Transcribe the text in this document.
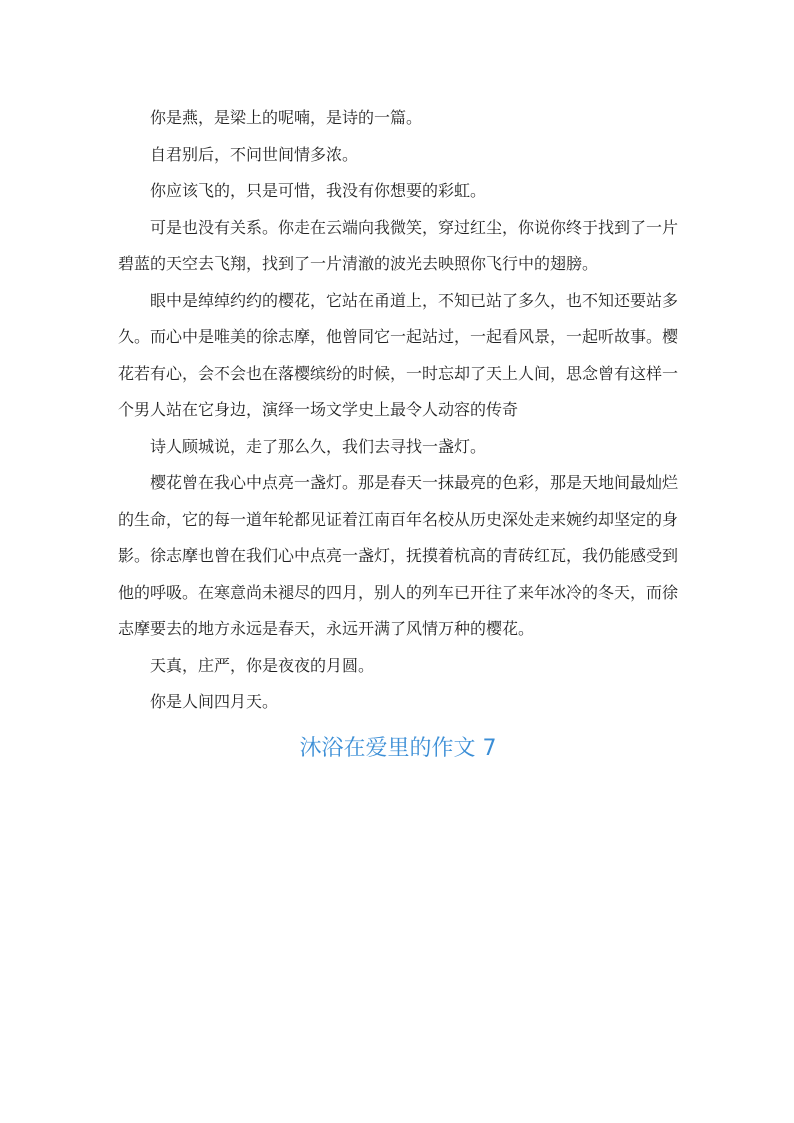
你是燕，是梁上的呢喃，是诗的一篇。

自君别后，不问世间情多浓。

你应该飞的，只是可惜，我没有你想要的彩虹。

可是也没有关系。你走在云端向我微笑，穿过红尘，你说你终于找到了一片碧蓝的天空去飞翔，找到了一片清澈的波光去映照你飞行中的翅膀。

眼中是绰绰约约的樱花，它站在甬道上，不知已站了多久，也不知还要站多久。而心中是唯美的徐志摩，他曾同它一起站过，一起看风景，一起听故事。樱花若有心，会不会也在落樱缤纷的时候，一时忘却了天上人间，思念曾有这样一个男人站在它身边，演绎一场文学史上最令人动容的传奇

诗人顾城说，走了那么久，我们去寻找一盏灯。

樱花曾在我心中点亮一盏灯。那是春天一抹最亮的色彩，那是天地间最灿烂的生命，它的每一道年轮都见证着江南百年名校从历史深处走来婉约却坚定的身影。徐志摩也曾在我们心中点亮一盏灯，抚摸着杭高的青砖红瓦，我仍能感受到他的呼吸。在寒意尚未褪尽的四月，别人的列车已开往了来年冰冷的冬天，而徐志摩要去的地方永远是春天，永远开满了风情万种的樱花。

天真，庄严，你是夜夜的月圆。

你是人间四月天。

沐浴在爱里的作文 7
